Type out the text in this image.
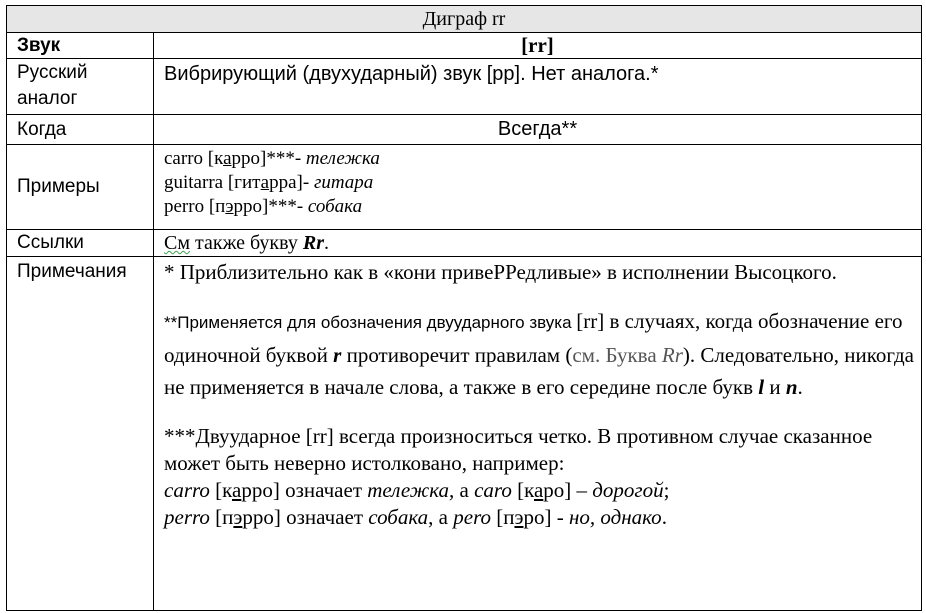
Диграф rr	
Звук	[rr]
Русский аналог	Вибрирующий (двухударный) звук [рр]. Нет аналога.*
Когда	Всегда**
Примеры	carro [карро]***- тележка
guitarra [гитарра]- гитара
perro [пэрро]***- собака

Ссылки	См также букву Rr.
Примечания	* Приблизительно как в «кони привеРРедливые» в исполнении Высоцкого.

**Применяется для обозначения двуударного звука [rr] в случаях, когда обозначение его одиночной буквой r противоречит правилам (см. Буква Rr). Следовательно, никогда не применяется в начале слова, а также в его середине после букв l и n.

***Двуударное [rr] всегда произноситься четко. В противном случае сказанное может быть неверно истолковано, например:
carro [карро] означает тележка, а caro [каро] – дорогой;
perro [пэрро] означает собака, а pero [пэро] - но, однако.
